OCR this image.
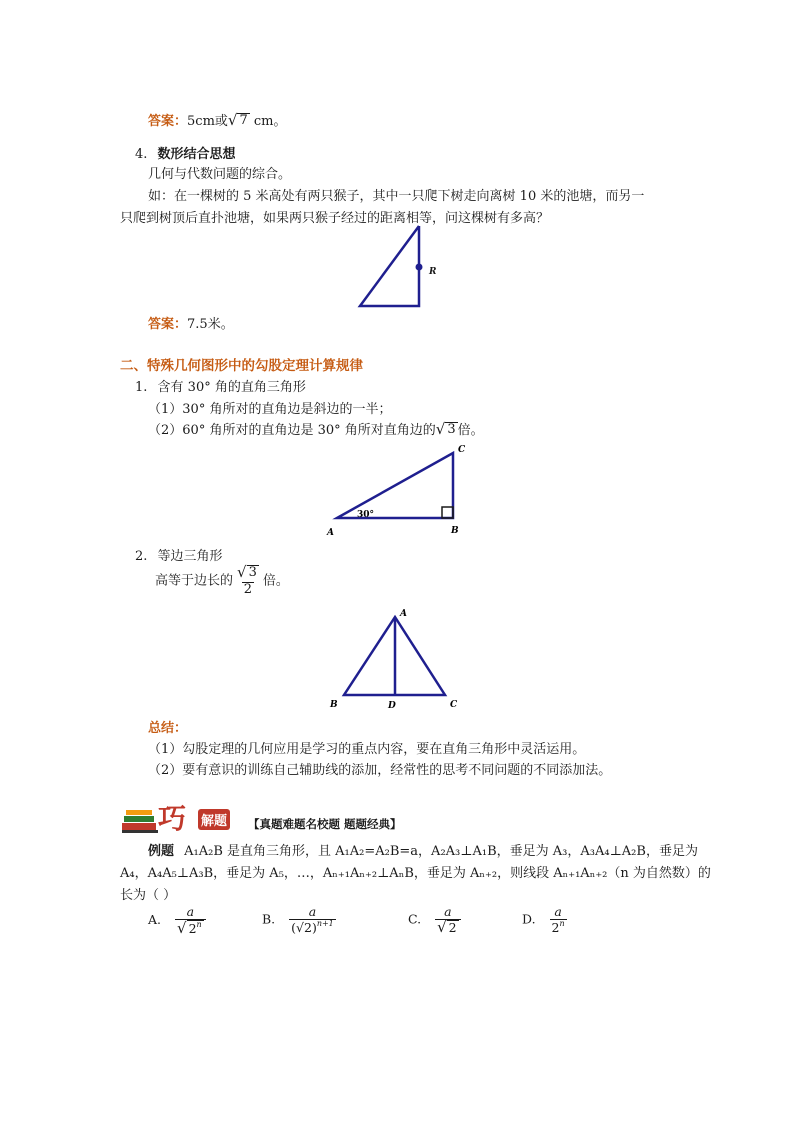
答案：5cm或 √ 7 cm。
4. 数形结合思想
几何与代数问题的综合。
如：在一棵树的 5 米高处有两只猴子，其中一只爬下树走向离树 10 米的池塘，而另一
只爬到树顶后直扑池塘，如果两只猴子经过的距离相等，问这棵树有多高？
R
答案：7.5米。
二、特殊几何图形中的勾股定理计算规律
1. 含有 30° 角的直角三角形
（1）30° 角所对的直角边是斜边的一半；
（2）60° 角所对的直角边是 30° 角所对直角边的 √ 3 倍。
A	B
C
30°
2. 等边三角形
高等于边长的 $\frac{√ 3}{2}$ 倍。
A
B	C
D
总结：
（1）勾股定理的几何应用是学习的重点内容，要在直角三角形中灵活运用。
（2）要有意识的训练自己辅助线的添加，经常性的思考不同问题的不同添加法。
巧 解题 【真题难题名校题 题题经典】
例题 A₁A₂B 是直角三角形，且 A₁A₂=A₂B=a，A₂A₃⊥A₁B，垂足为 A₃，A₃A₄⊥A₂B，垂足为
A₄，A₄A₅⊥A₃B，垂足为 A₅，…，Aₙ₊₁Aₙ₊₂⊥AₙB，垂足为 Aₙ₊₂，则线段 Aₙ₊₁Aₙ₊₂（n 为自然数）的
长为（ ）
A. $\frac{a}{√ 2^n}$	B. $\frac{a}{(√2)^{n+1}}$	C. $\frac{a}{√ 2}$	D. $\frac{a}{2^n}$
